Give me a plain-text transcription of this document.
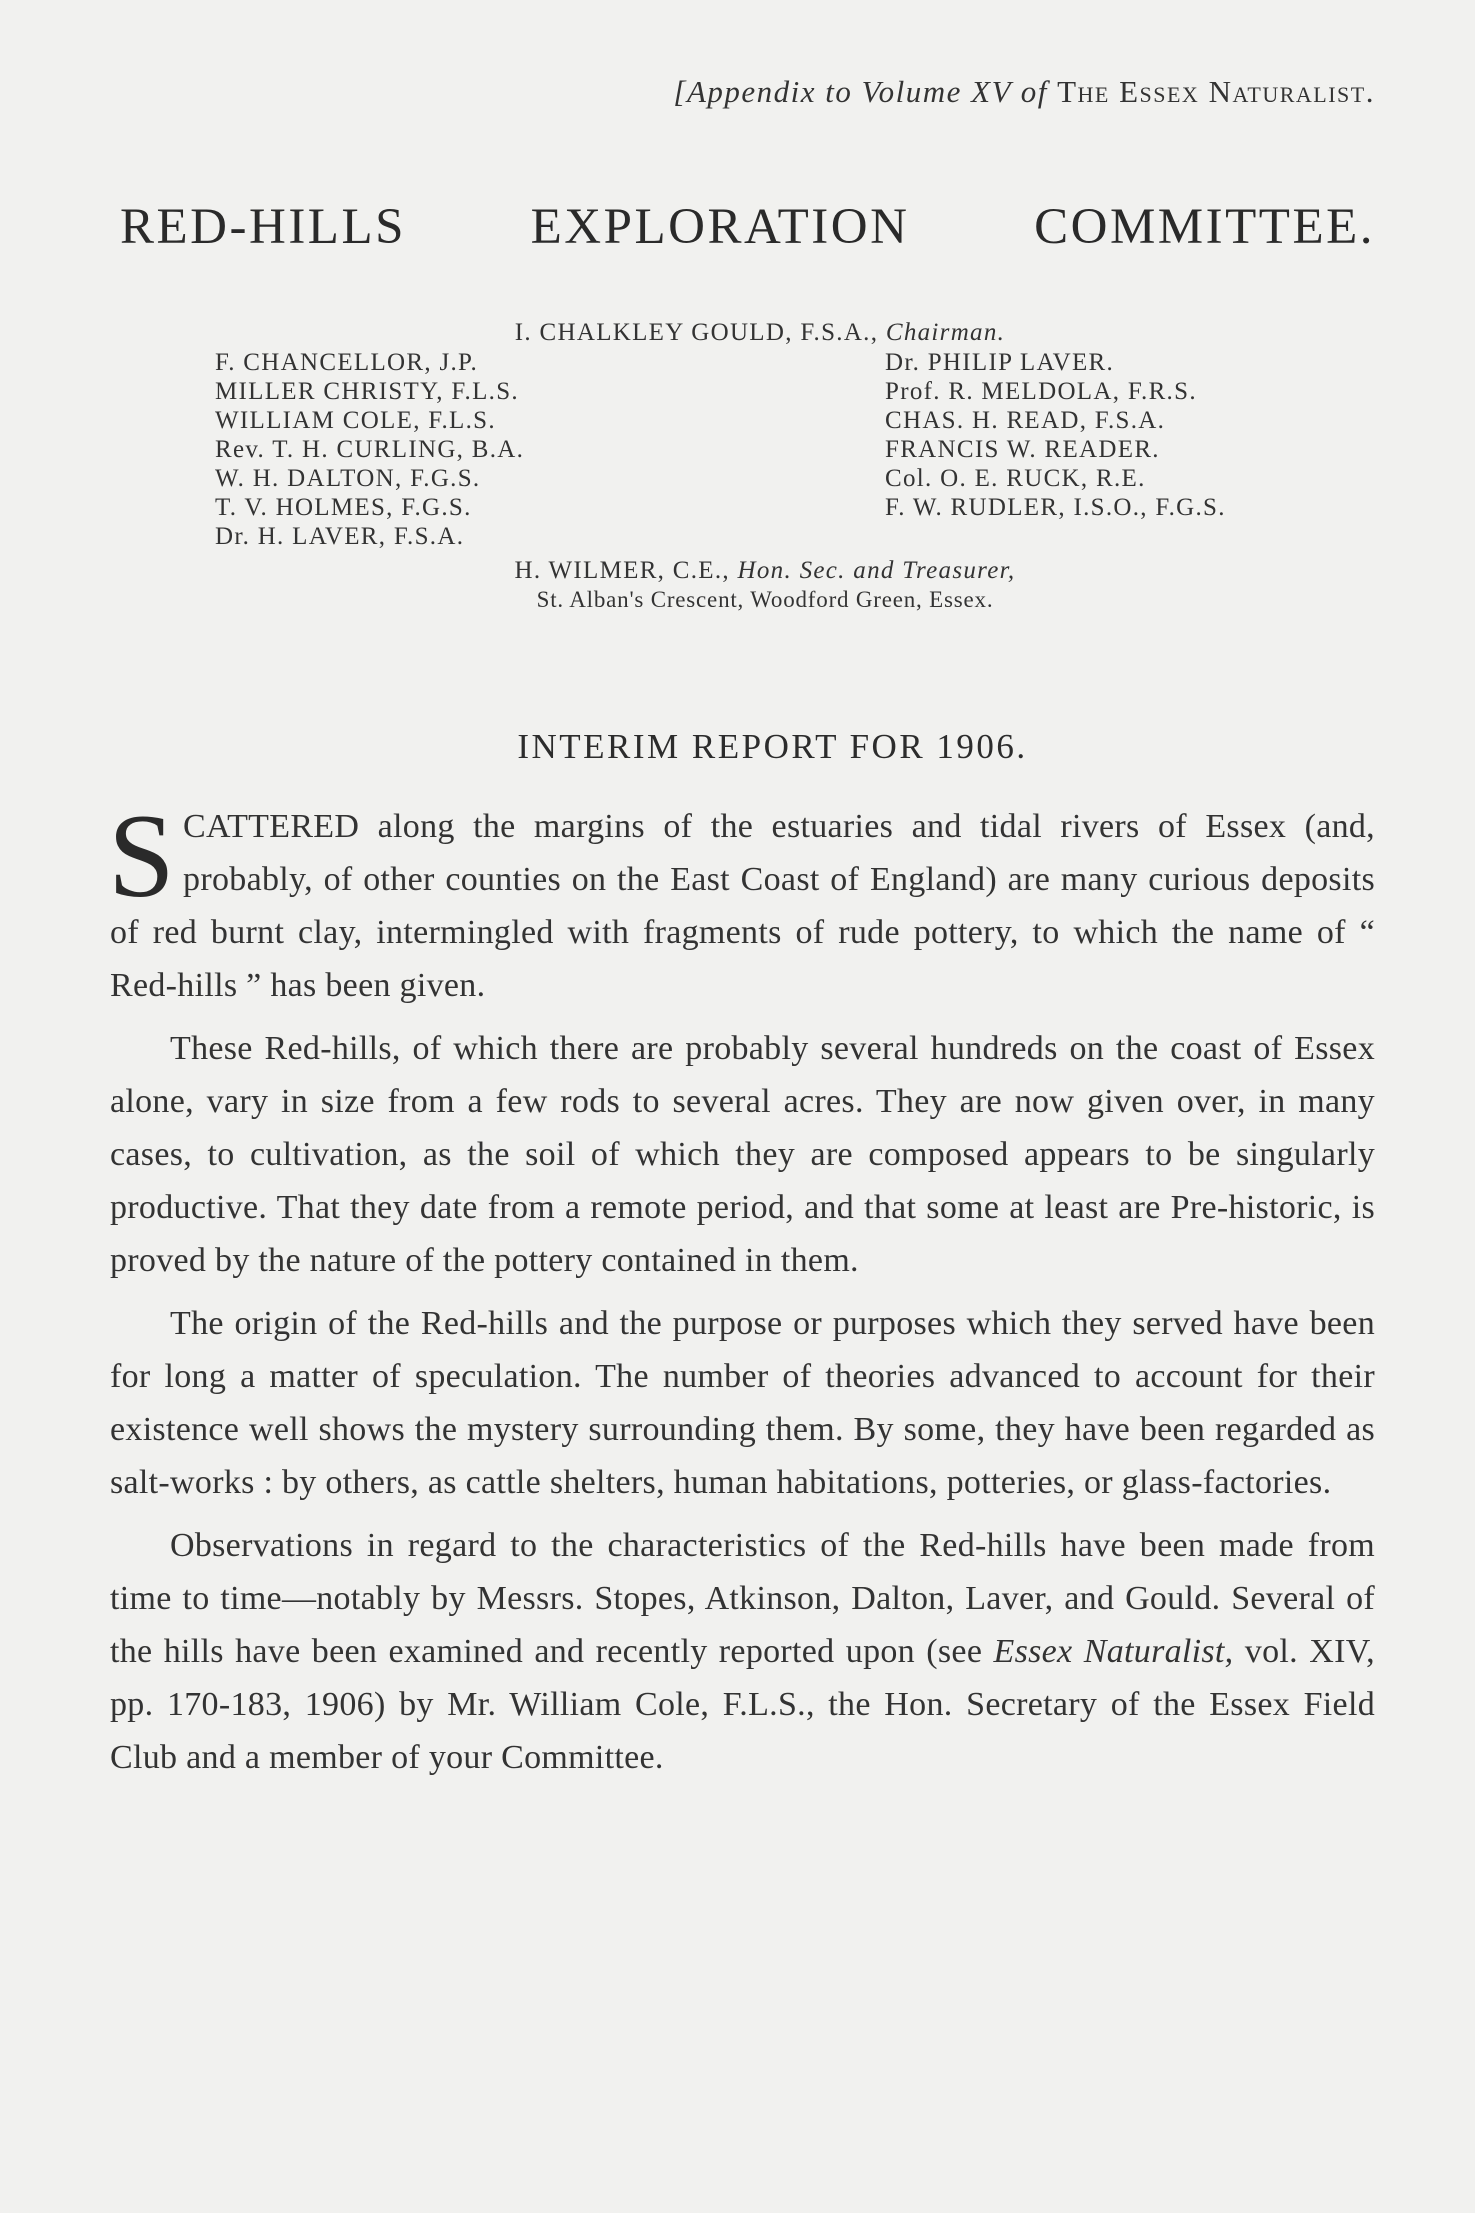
[Appendix to Volume XV of The Essex Naturalist.
RED-HILLS EXPLORATION COMMITTEE.
I. CHALKLEY GOULD, F.S.A., Chairman.
F. CHANCELLOR, J.P.
MILLER CHRISTY, F.L.S.
WILLIAM COLE, F.L.S.
Rev. T. H. CURLING, B.A.
W. H. DALTON, F.G.S.
T. V. HOLMES, F.G.S.
Dr. H. LAVER, F.S.A.
Dr. PHILIP LAVER.
Prof. R. MELDOLA, F.R.S.
CHAS. H. READ, F.S.A.
FRANCIS W. READER.
Col. O. E. RUCK, R.E.
F. W. RUDLER, I.S.O., F.G.S.
H. WILMER, C.E., Hon. Sec. and Treasurer,
St. Alban's Crescent, Woodford Green, Essex.
INTERIM REPORT FOR 1906.

SCATTERED along the margins of the estuaries and tidal rivers of Essex (and, probably, of other counties on the East Coast of England) are many curious deposits of red burnt clay, intermingled with fragments of rude pottery, to which the name of “ Red-hills ” has been given.

These Red-hills, of which there are probably several hundreds on the coast of Essex alone, vary in size from a few rods to several acres. They are now given over, in many cases, to cultivation, as the soil of which they are composed appears to be singularly productive. That they date from a remote period, and that some at least are Pre-historic, is proved by the nature of the pottery contained in them.

The origin of the Red-hills and the purpose or purposes which they served have been for long a matter of speculation. The number of theories advanced to account for their existence well shows the mystery surrounding them. By some, they have been regarded as salt-works : by others, as cattle shelters, human habitations, potteries, or glass-factories.

Observations in regard to the characteristics of the Red-hills have been made from time to time—notably by Messrs. Stopes, Atkinson, Dalton, Laver, and Gould. Several of the hills have been examined and recently reported upon (see Essex Naturalist, vol. XIV, pp. 170-183, 1906) by Mr. William Cole, F.L.S., the Hon. Secretary of the Essex Field Club and a member of your Committee.
